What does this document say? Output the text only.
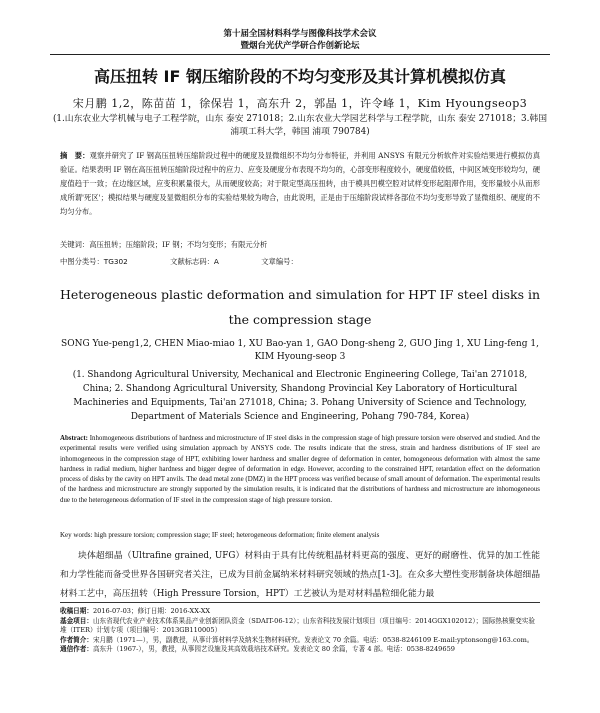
第十届全国材料科学与图像科技学术会议
暨烟台光伏产学研合作创新论坛
高压扭转 IF 钢压缩阶段的不均匀变形及其计算机模拟仿真
宋月鹏 1,2，陈苗苗 1，徐保岩 1，高东升 2，郭晶 1，许令峰 1，Kim Hyoungseop3
(1.山东农业大学机械与电子工程学院，山东 泰安 271018；2.山东农业大学园艺科学与工程学院，山东 泰安 271018；3.韩国浦项工科大学，韩国 浦项 790784)
摘　要：观察并研究了 IF 钢高压扭转压缩阶段过程中的硬度及显微组织不均匀分布特征，并利用 ANSYS 有限元分析软件对实验结果进行模拟仿真验证。结果表明 IF 钢在高压扭转压缩阶段过程中的应力、应变及硬度分布表现不均匀的，心部变形程度较小，硬度值较低，中间区域变形较均匀，硬度值趋于一致；在边缘区域，应变积累量很大，从而硬度较高；对于限定型高压扭转，由于模具凹模空腔对试样变形起阻滞作用，变形量较小从而形成所谓'死区'；模拟结果与硬度及显微组织分布的实验结果较为吻合，由此说明，正是由于压缩阶段试样各部位不均匀变形导致了显微组织、硬度的不均匀分布。
关键词：高压扭转；压缩阶段；IF 钢；不均匀变形；有限元分析
中图分类号：TG302	文献标志码：A	文章编号：
Heterogeneous plastic deformation and simulation for HPT IF steel disks in the compression stage
SONG Yue-peng1,2, CHEN Miao-miao 1, XU Bao-yan 1, GAO Dong-sheng 2, GUO Jing 1, XU Ling-feng 1, KIM Hyoung-seop 3
(1. Shandong Agricultural University, Mechanical and Electronic Engineering College, Tai'an 271018, China; 2. Shandong Agricultural University, Shandong Provincial Key Laboratory of Horticultural Machineries and Equipments, Tai'an 271018, China; 3. Pohang University of Science and Technology, Department of Materials Science and Engineering, Pohang 790-784, Korea)
Abstract: Inhomogeneous distributions of hardness and microstructure of IF steel disks in the compression stage of high pressure torsion were observed and studied. And the experimental results were verified using simulation approach by ANSYS code. The results indicate that the stress, strain and hardness distributions of IF steel are inhomogeneous in the compression stage of HPT, exhibiting lower hardness and smaller degree of deformation in center, homogeneous deformation with almost the same hardness in radial medium, higher hardness and bigger degree of deformation in edge. However, according to the constrained HPT, retardation effect on the deformation process of disks by the cavity on HPT anvils. The dead metal zone (DMZ) in the HPT process was verified because of small amount of deformation. The experimental results of the hardness and microstructure are strongly supported by the simulation results, it is indicated that the distributions of hardness and microstructure are inhomogeneous due to the heterogeneous deformation of IF steel in the compression stage of high pressure torsion.
Key words: high pressure torsion; compression stage; IF steel; heterogeneous deformation; finite element analysis
块体超细晶（Ultrafine grained, UFG）材料由于具有比传统粗晶材料更高的强度、更好的耐磨性、优异的加工性能和力学性能而备受世界各国研究者关注，已成为目前金属纳米材料研究领域的热点[1-3]。在众多大塑性变形制备块体超细晶材料工艺中，高压扭转（High Pressure Torsion，HPT）工艺被认为是对材料晶粒细化能力最
收稿日期：2016-07-03；修订日期：2016-XX-XX
基金项目：山东省现代农业产业技术体系果品产业创新团队资金（SDAIT-06-12）；山东省科技发展计划项目（项目编号：2014GGX102012）；国际热核聚变实验堆（ITER）计划专项（项目编号：2013GB110005）
作者简介：宋月鹏（1971—），男，副教授，从事计算材料学及纳米生物材料研究。发表论文 70 余篇。电话：0538-8246109 E-mail:yptonsong@163.com。
通信作者：高东升（1967-），男，教授，从事园艺设施及其高效栽培技术研究。发表论文 80 余篇，专著 4 部。电话：0538-8249659
